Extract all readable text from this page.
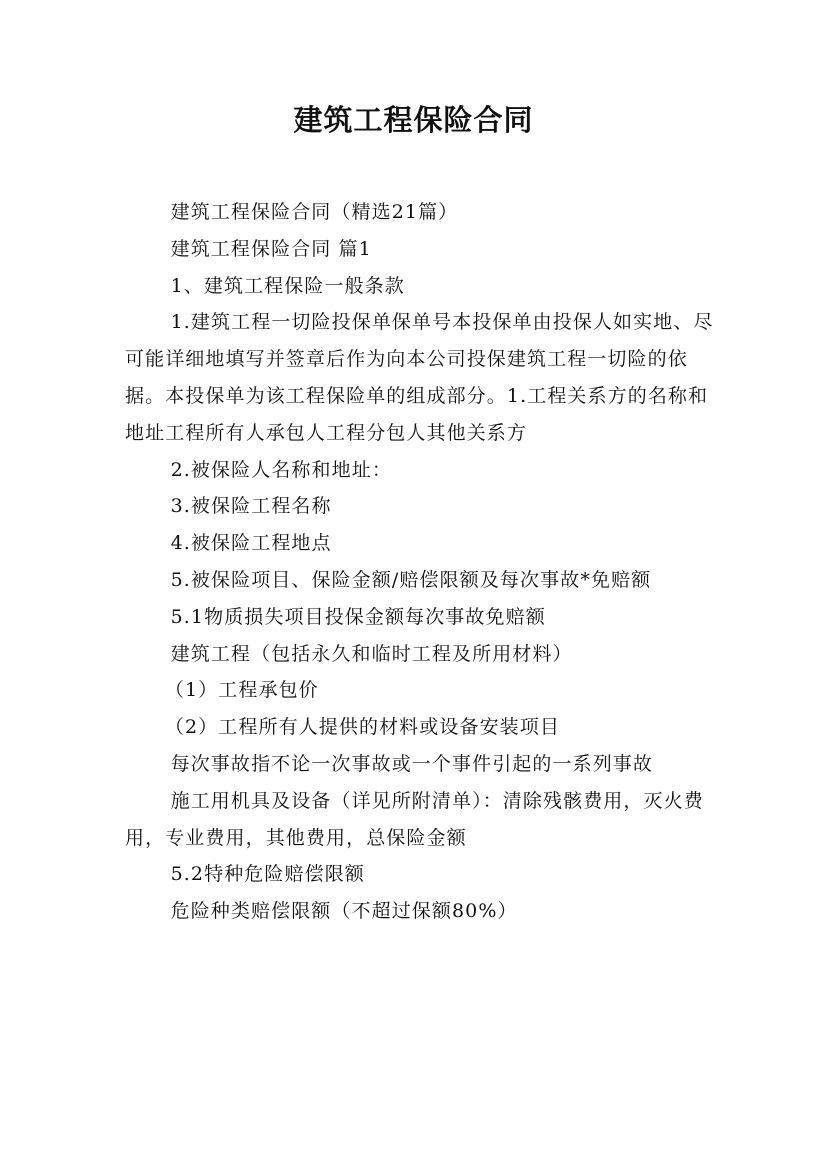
建筑工程保险合同

建筑工程保险合同（精选21篇）

建筑工程保险合同 篇1

1、建筑工程保险一般条款

1.建筑工程一切险投保单保单号本投保单由投保人如实地、尽可能详细地填写并签章后作为向本公司投保建筑工程一切险的依据。本投保单为该工程保险单的组成部分。1.工程关系方的名称和地址工程所有人承包人工程分包人其他关系方

2.被保险人名称和地址：

3.被保险工程名称

4.被保险工程地点

5.被保险项目、保险金额/赔偿限额及每次事故*免赔额

5.1物质损失项目投保金额每次事故免赔额

建筑工程（包括永久和临时工程及所用材料）

（1）工程承包价

（2）工程所有人提供的材料或设备安装项目

每次事故指不论一次事故或一个事件引起的一系列事故

施工用机具及设备（详见所附清单）：清除残骸费用，灭火费用，专业费用，其他费用，总保险金额

5.2特种危险赔偿限额

危险种类赔偿限额（不超过保额80%）
